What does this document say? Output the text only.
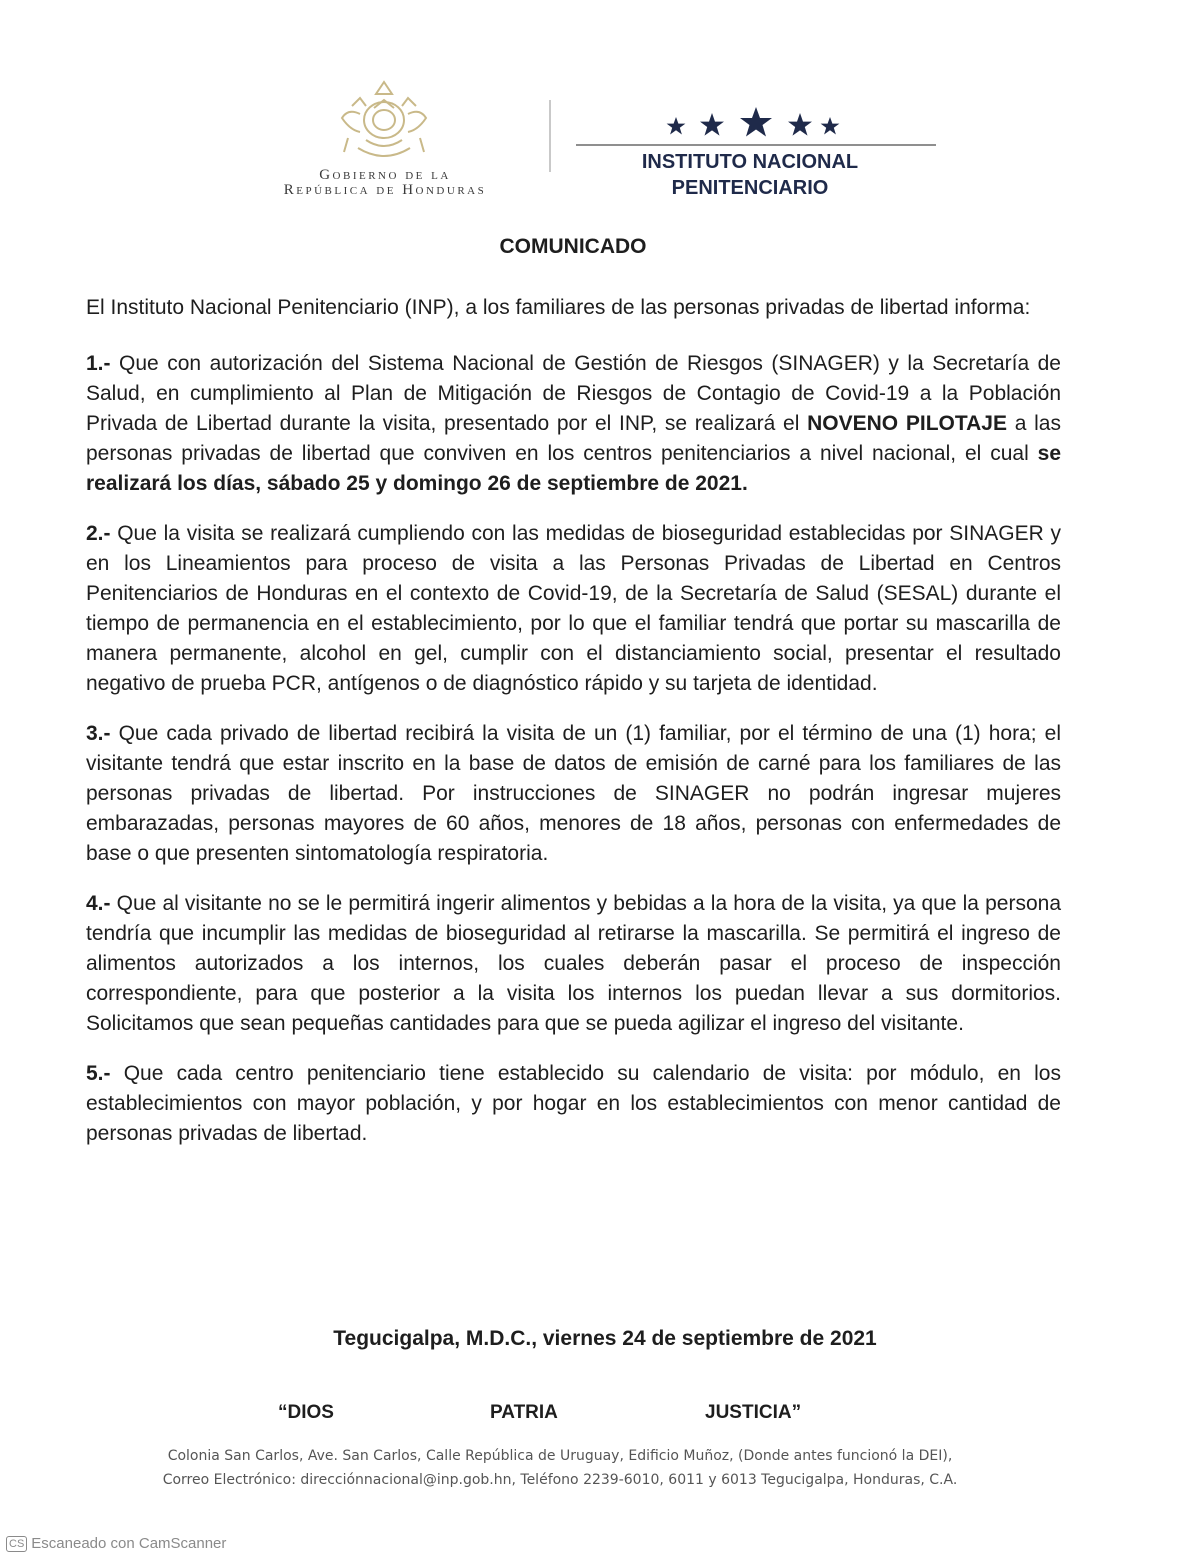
Gobierno de la
República de Honduras
INSTITUTO NACIONAL
PENITENCIARIO
COMUNICADO

El Instituto Nacional Penitenciario (INP), a los familiares de las personas privadas de libertad informa:

1.- Que con autorización del Sistema Nacional de Gestión de Riesgos (SINAGER) y la Secretaría de Salud, en cumplimiento al Plan de Mitigación de Riesgos de Contagio de Covid-19 a la Población Privada de Libertad durante la visita, presentado por el INP, se realizará el NOVENO PILOTAJE a las personas privadas de libertad que conviven en los centros penitenciarios a nivel nacional, el cual se realizará los días, sábado 25 y domingo 26 de septiembre de 2021.

2.- Que la visita se realizará cumpliendo con las medidas de bioseguridad establecidas por SINAGER y en los Lineamientos para proceso de visita a las Personas Privadas de Libertad en Centros Penitenciarios de Honduras en el contexto de Covid-19, de la Secretaría de Salud (SESAL) durante el tiempo de permanencia en el establecimiento, por lo que el familiar tendrá que portar su mascarilla de manera permanente, alcohol en gel, cumplir con el distanciamiento social, presentar el resultado negativo de prueba PCR, antígenos o de diagnóstico rápido y su tarjeta de identidad.

3.- Que cada privado de libertad recibirá la visita de un (1) familiar, por el término de una (1) hora; el visitante tendrá que estar inscrito en la base de datos de emisión de carné para los familiares de las personas privadas de libertad. Por instrucciones de SINAGER no podrán ingresar mujeres embarazadas, personas mayores de 60 años, menores de 18 años, personas con enfermedades de base o que presenten sintomatología respiratoria.

4.- Que al visitante no se le permitirá ingerir alimentos y bebidas a la hora de la visita, ya que la persona tendría que incumplir las medidas de bioseguridad al retirarse la mascarilla. Se permitirá el ingreso de alimentos autorizados a los internos, los cuales deberán pasar el proceso de inspección correspondiente, para que posterior a la visita los internos los puedan llevar a sus dormitorios. Solicitamos que sean pequeñas cantidades para que se pueda agilizar el ingreso del visitante.

5.- Que cada centro penitenciario tiene establecido su calendario de visita: por módulo, en los establecimientos con mayor población, y por hogar en los establecimientos con menor cantidad de personas privadas de libertad.

Tegucigalpa, M.D.C., viernes 24 de septiembre de 2021
“DIOS	PATRIA	JUSTICIA”
Colonia San Carlos, Ave. San Carlos, Calle República de Uruguay, Edificio Muñoz, (Donde antes funcionó la DEI),
Correo Electrónico: direcciónnacional@inp.gob.hn, Teléfono 2239-6010, 6011 y 6013 Tegucigalpa, Honduras, C.A.
CS Escaneado con CamScanner
